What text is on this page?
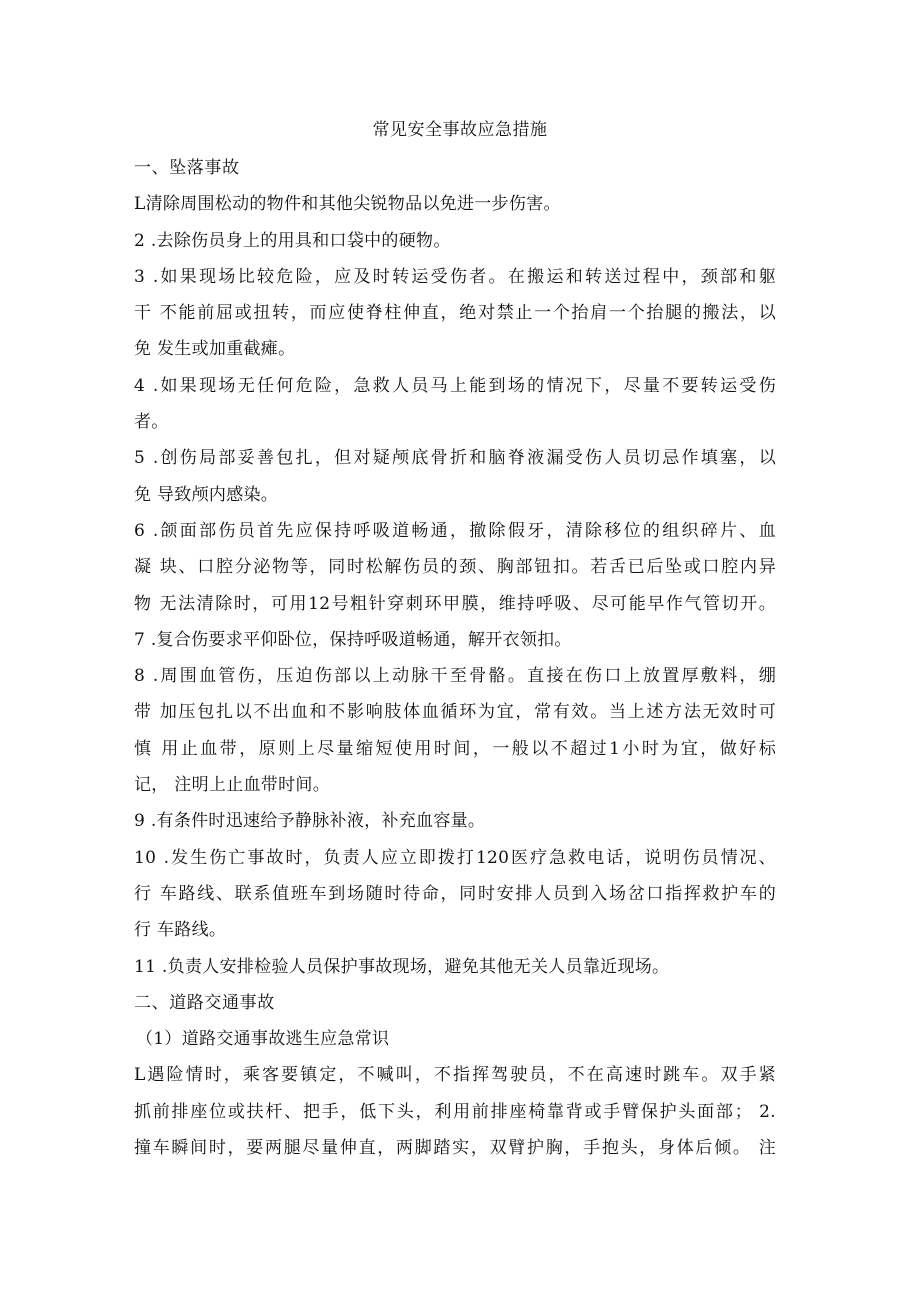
常见安全事故应急措施
一、坠落事故
L清除周围松动的物件和其他尖锐物品以免进一步伤害。
2 .去除伤员身上的用具和口袋中的硬物。
3 .如果现场比较危险，应及时转运受伤者。在搬运和转送过程中，颈部和躯
干 不能前屈或扭转，而应使脊柱伸直，绝对禁止一个抬肩一个抬腿的搬法，以
免 发生或加重截瘫。
4 .如果现场无任何危险，急救人员马上能到场的情况下，尽量不要转运受伤
者。
5 .创伤局部妥善包扎，但对疑颅底骨折和脑脊液漏受伤人员切忌作填塞，以
免 导致颅内感染。
6 .颌面部伤员首先应保持呼吸道畅通，撤除假牙，清除移位的组织碎片、血
凝 块、口腔分泌物等，同时松解伤员的颈、胸部钮扣。若舌已后坠或口腔内异
物 无法清除时，可用12号粗针穿刺环甲膜，维持呼吸、尽可能早作气管切开。
7 .复合伤要求平仰卧位，保持呼吸道畅通，解开衣领扣。
8 .周围血管伤，压迫伤部以上动脉干至骨骼。直接在伤口上放置厚敷料，绷
带 加压包扎以不出血和不影响肢体血循环为宜，常有效。当上述方法无效时可
慎 用止血带，原则上尽量缩短使用时间，一般以不超过1小时为宜，做好标
记， 注明上止血带时间。
9 .有条件时迅速给予静脉补液，补充血容量。
10 .发生伤亡事故时，负责人应立即拨打120医疗急救电话，说明伤员情况、
行 车路线、联系值班车到场随时待命，同时安排人员到入场岔口指挥救护车的
行 车路线。
11 .负责人安排检验人员保护事故现场，避免其他无关人员靠近现场。
二、道路交通事故
（1）道路交通事故逃生应急常识
L遇险情时，乘客要镇定，不喊叫，不指挥驾驶员，不在高速时跳车。双手紧
抓前排座位或扶杆、把手，低下头，利用前排座椅靠背或手臂保护头面部； 2.
撞车瞬间时，要两腿尽量伸直，两脚踏实，双臂护胸，手抱头，身体后倾。 注
